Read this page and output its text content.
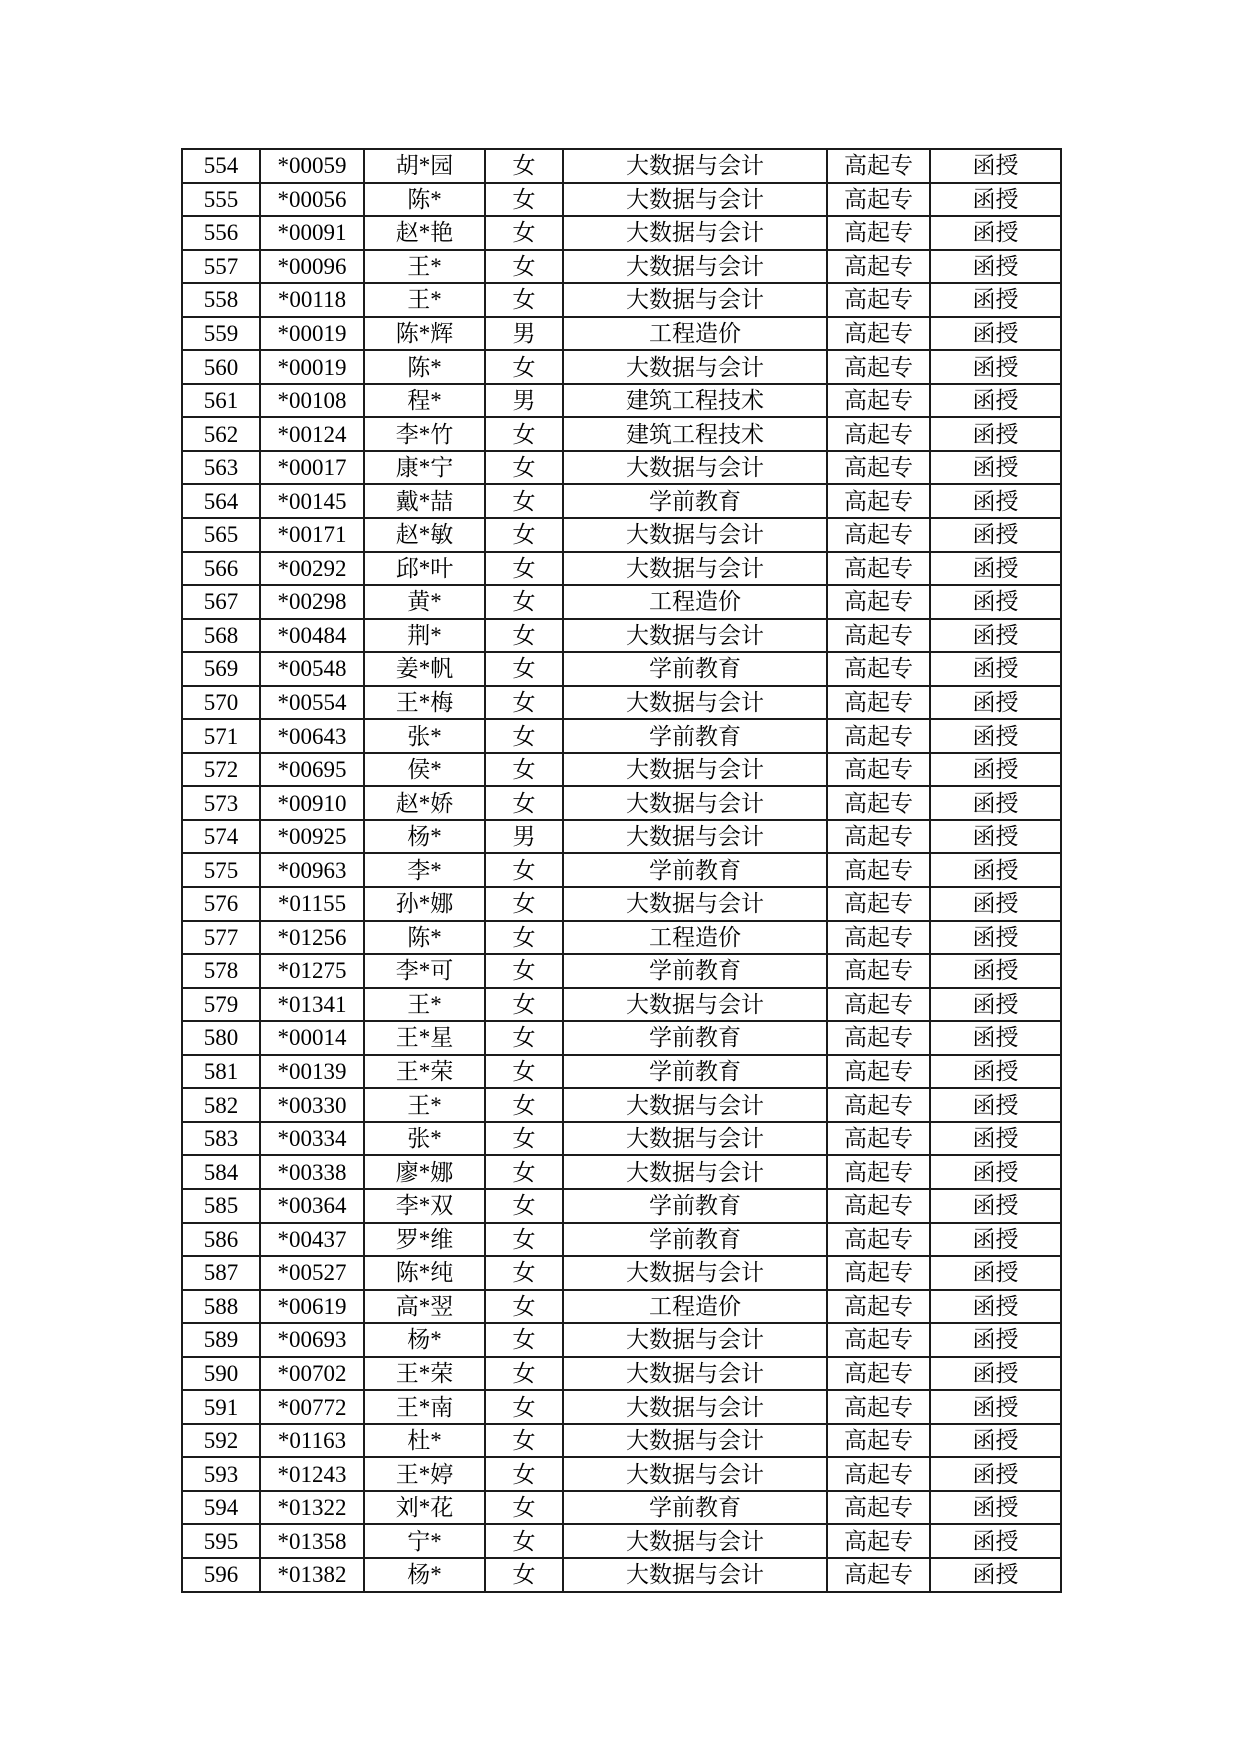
554	*00059	胡*园	女	大数据与会计	高起专	函授
555	*00056	陈*	女	大数据与会计	高起专	函授
556	*00091	赵*艳	女	大数据与会计	高起专	函授
557	*00096	王*	女	大数据与会计	高起专	函授
558	*00118	王*	女	大数据与会计	高起专	函授
559	*00019	陈*辉	男	工程造价	高起专	函授
560	*00019	陈*	女	大数据与会计	高起专	函授
561	*00108	程*	男	建筑工程技术	高起专	函授
562	*00124	李*竹	女	建筑工程技术	高起专	函授
563	*00017	康*宁	女	大数据与会计	高起专	函授
564	*00145	戴*喆	女	学前教育	高起专	函授
565	*00171	赵*敏	女	大数据与会计	高起专	函授
566	*00292	邱*叶	女	大数据与会计	高起专	函授
567	*00298	黄*	女	工程造价	高起专	函授
568	*00484	荆*	女	大数据与会计	高起专	函授
569	*00548	姜*帆	女	学前教育	高起专	函授
570	*00554	王*梅	女	大数据与会计	高起专	函授
571	*00643	张*	女	学前教育	高起专	函授
572	*00695	侯*	女	大数据与会计	高起专	函授
573	*00910	赵*娇	女	大数据与会计	高起专	函授
574	*00925	杨*	男	大数据与会计	高起专	函授
575	*00963	李*	女	学前教育	高起专	函授
576	*01155	孙*娜	女	大数据与会计	高起专	函授
577	*01256	陈*	女	工程造价	高起专	函授
578	*01275	李*可	女	学前教育	高起专	函授
579	*01341	王*	女	大数据与会计	高起专	函授
580	*00014	王*星	女	学前教育	高起专	函授
581	*00139	王*荣	女	学前教育	高起专	函授
582	*00330	王*	女	大数据与会计	高起专	函授
583	*00334	张*	女	大数据与会计	高起专	函授
584	*00338	廖*娜	女	大数据与会计	高起专	函授
585	*00364	李*双	女	学前教育	高起专	函授
586	*00437	罗*维	女	学前教育	高起专	函授
587	*00527	陈*纯	女	大数据与会计	高起专	函授
588	*00619	高*翌	女	工程造价	高起专	函授
589	*00693	杨*	女	大数据与会计	高起专	函授
590	*00702	王*荣	女	大数据与会计	高起专	函授
591	*00772	王*南	女	大数据与会计	高起专	函授
592	*01163	杜*	女	大数据与会计	高起专	函授
593	*01243	王*婷	女	大数据与会计	高起专	函授
594	*01322	刘*花	女	学前教育	高起专	函授
595	*01358	宁*	女	大数据与会计	高起专	函授
596	*01382	杨*	女	大数据与会计	高起专	函授
